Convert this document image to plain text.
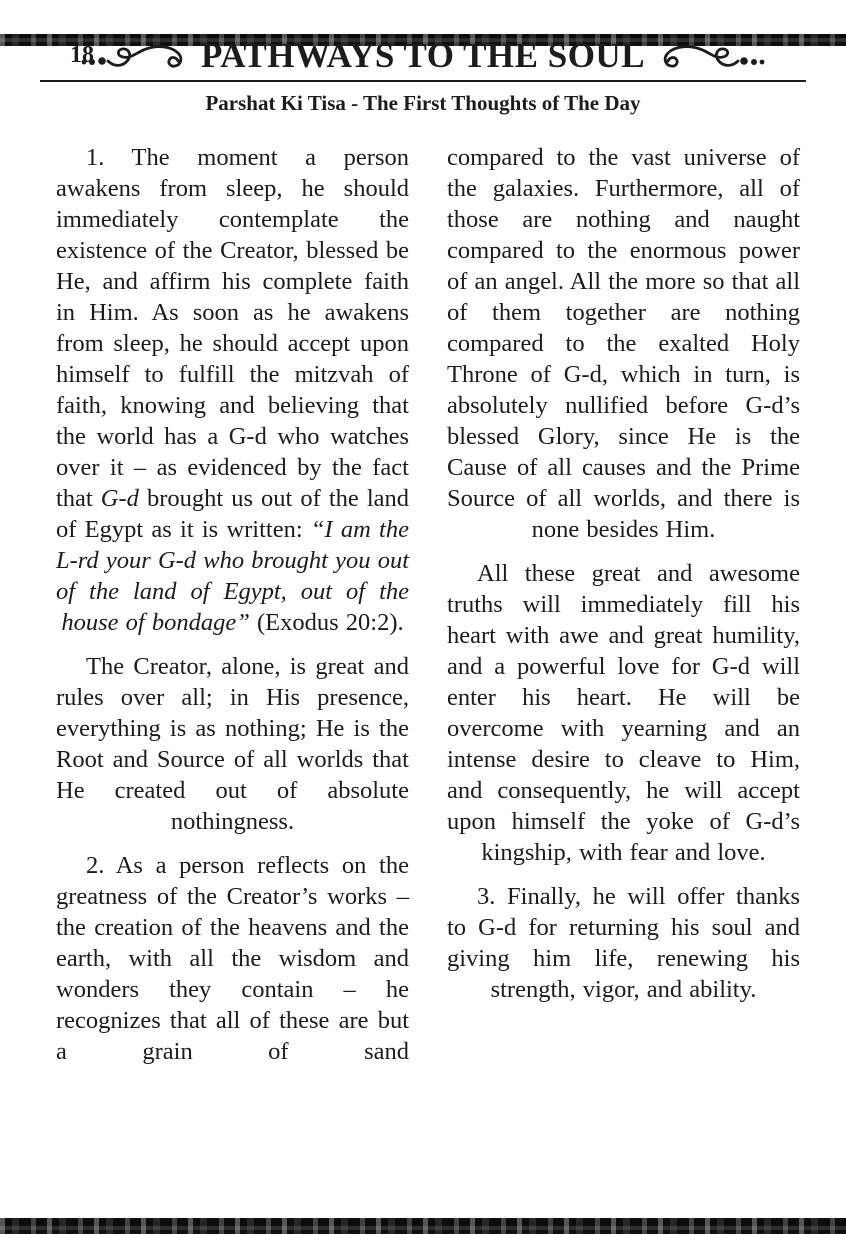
18	PATHWAYS TO THE SOUL
Parshat Ki Tisa - The First Thoughts of The Day

1. The moment a person awakens from sleep, he should immediately contemplate the existence of the Creator, blessed be He, and affirm his complete faith in Him. As soon as he awakens from sleep, he should accept upon himself to fulfill the mitzvah of faith, knowing and believing that the world has a G-d who watches over it – as evidenced by the fact that G-d brought us out of the land of Egypt as it is written: “I am the L-rd your G-d who brought you out of the land of Egypt, out of the house of bondage” (Exodus 20:2).

The Creator, alone, is great and rules over all; in His presence, everything is as nothing; He is the Root and Source of all worlds that He created out of absolute nothingness.

2. As a person reflects on the greatness of the Creator’s works – the creation of the heavens and the earth, with all the wisdom and wonders they contain – he recognizes that all of these are but a grain of sand

compared to the vast universe of the galaxies. Furthermore, all of those are nothing and naught compared to the enormous power of an angel. All the more so that all of them together are nothing compared to the exalted Holy Throne of G-d, which in turn, is absolutely nullified before G-d’s blessed Glory, since He is the Cause of all causes and the Prime Source of all worlds, and there is none besides Him.

All these great and awesome truths will immediately fill his heart with awe and great humility, and a powerful love for G-d will enter his heart. He will be overcome with yearning and an intense desire to cleave to Him, and consequently, he will accept upon himself the yoke of G-d’s kingship, with fear and love.

3. Finally, he will offer thanks to G-d for returning his soul and giving him life, renewing his strength, vigor, and ability.
